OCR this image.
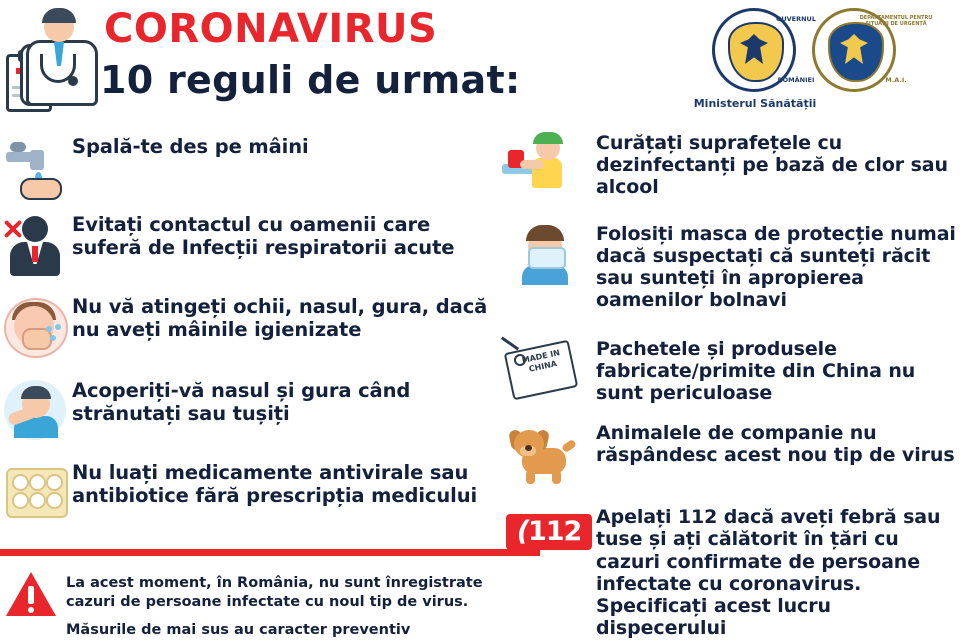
CORONAVIRUS
10 reguli de urmat:
GUVERNUL
ROMÂNIEI
DEPARTAMENTUL PENTRU SITUAȚII DE URGENȚĂ
M.A.I.
Ministerul Sănătății
Spală-te des pe mâini
Evitați contactul cu oamenii care suferă de Infecții respiratorii acute
Nu vă atingeți ochii, nasul, gura, dacă nu aveți mâinile igienizate
Acoperiți-vă nasul și gura când strănutați sau tușiți
Nu luați medicamente antivirale sau antibiotice fără prescripția medicului
Curățați suprafețele cu dezinfectanți pe bază de clor sau alcool
Folosiți masca de protecție numai dacă suspectați că sunteți răcit sau sunteți în apropierea oamenilor bolnavi
MADE IN CHINA
Pachetele și produsele fabricate/primite din China nu sunt periculoase
Animalele de companie nu răspândesc acest nou tip de virus
(112 Apelați 112 dacă aveți febră sau tuse și ați călătorit în țări cu cazuri confirmate de persoane infectate cu coronavirus. Specificați acest lucru dispecerului
La acest moment, în România, nu sunt înregistrate cazuri de persoane infectate cu noul tip de virus.
Măsurile de mai sus au caracter preventiv
